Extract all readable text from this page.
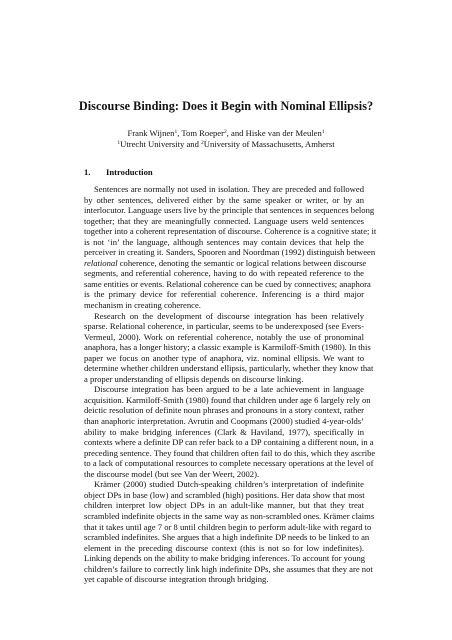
Discourse Binding: Does it Begin with Nominal Ellipsis?
Frank Wijnen$^1$, Tom Roeper$^2$, and Hiske van der Meulen$^1$
$^1$Utrecht University and $^2$University of Massachusetts, Amherst
1. Introduction
Sentences are normally not used in isolation. They are preceded and followed
by other sentences, delivered either by the same speaker or writer, or by an
interlocutor. Language users live by the principle that sentences in sequences belong
together; that they are meaningfully connected. Language users weld sentences
together into a coherent representation of discourse. Coherence is a cognitive state; it
is not ‘in’ the language, although sentences may contain devices that help the
perceiver in creating it. Sanders, Spooren and Noordman (1992) distinguish between
relational coherence, denoting the semantic or logical relations between discourse
segments, and referential coherence, having to do with repeated reference to the
same entities or events. Relational coherence can be cued by connectives; anaphora
is the primary device for referential coherence. Inferencing is a third major
mechanism in creating coherence.
Research on the development of discourse integration has been relatively
sparse. Relational coherence, in particular, seems to be underexposed (see Evers-
Vermeul, 2000). Work on referential coherence, notably the use of pronominal
anaphora, has a longer history; a classic example is Karmiloff-Smith (1980). In this
paper we focus on another type of anaphora, viz. nominal ellipsis. We want to
determine whether children understand ellipsis, particularly, whether they know that
a proper understanding of ellipsis depends on discourse linking.
Discourse integration has been argued to be a late achievement in language
acquisition. Karmiloff-Smith (1980) found that children under age 6 largely rely on
deictic resolution of definite noun phrases and pronouns in a story context, rather
than anaphoric interpretation. Avrutin and Coopmans (2000) studied 4-year-olds’
ability to make bridging inferences (Clark & Haviland, 1977), specifically in
contexts where a definite DP can refer back to a DP containing a different noun, in a
preceding sentence. They found that children often fail to do this, which they ascribe
to a lack of computational resources to complete necessary operations at the level of
the discourse model (but see Van der Weert, 2002).
Krämer (2000) studied Dutch-speaking children’s interpretation of indefinite
object DPs in base (low) and scrambled (high) positions. Her data show that most
children interpret low object DPs in an adult-like manner, but that they treat
scrambled indefinite objects in the same way as non-scrambled ones. Krämer claims
that it takes until age 7 or 8 until children begin to perform adult-like with regard to
scrambled indefinites. She argues that a high indefinite DP needs to be linked to an
element in the preceding discourse context (this is not so for low indefinites).
Linking depends on the ability to make bridging inferences. To account for young
children’s failure to correctly link high indefinite DPs, she assumes that they are not
yet capable of discourse integration through bridging.
